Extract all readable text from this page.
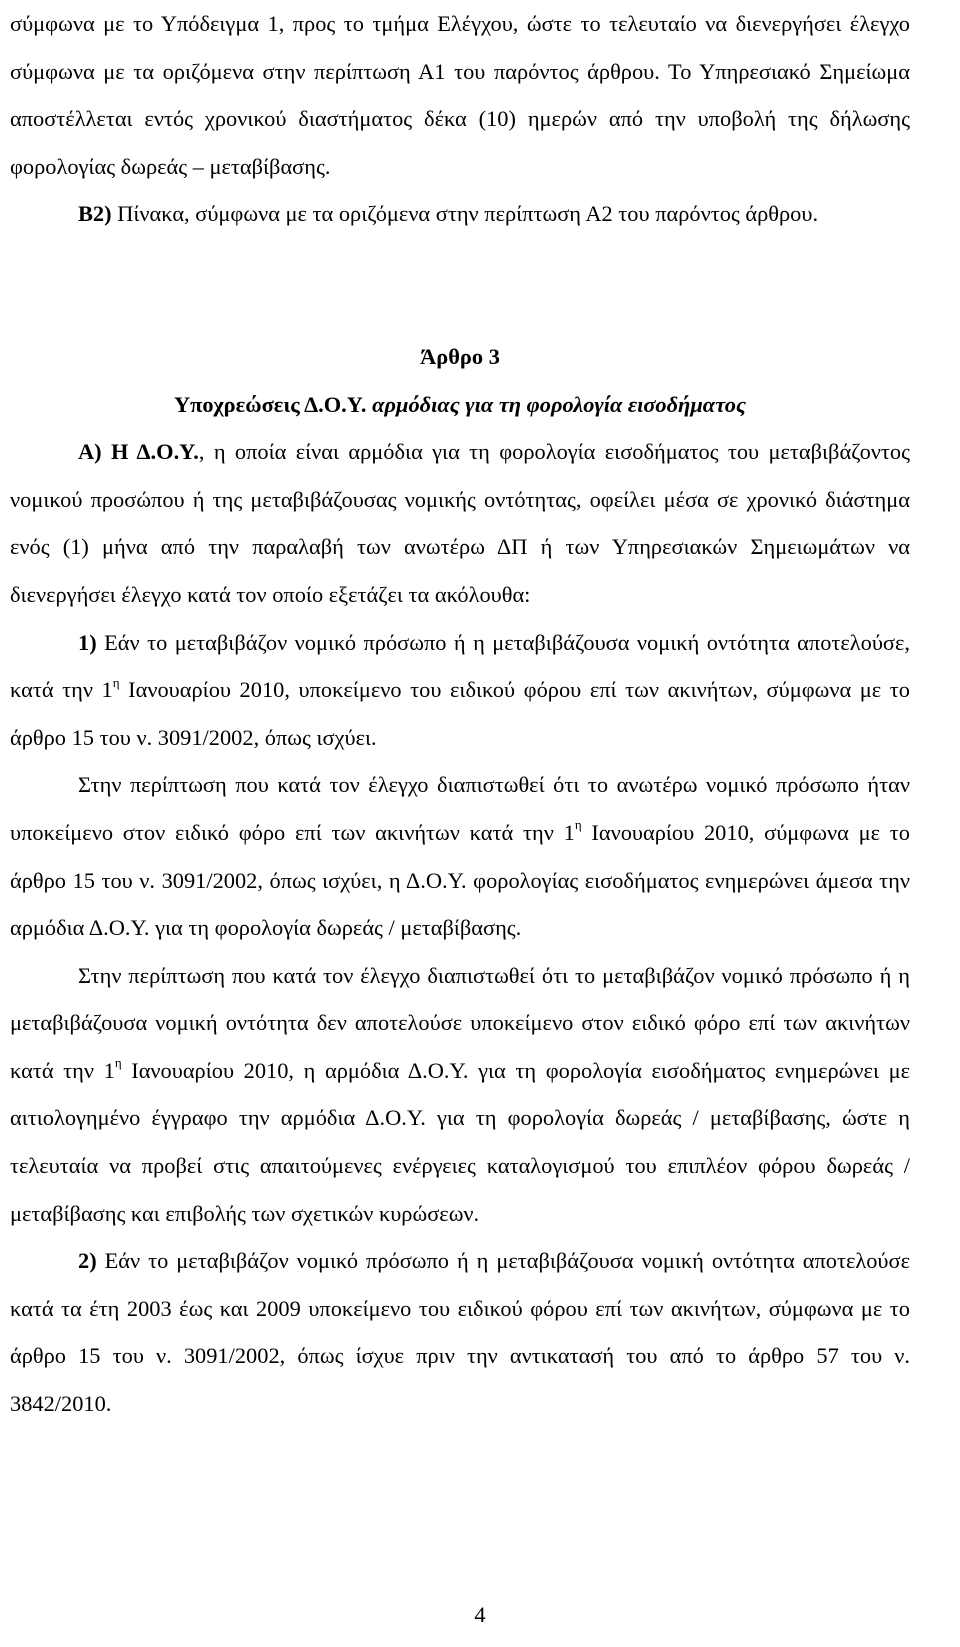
σύμφωνα με το Υπόδειγμα 1, προς το τμήμα Ελέγχου, ώστε το τελευταίο να διενεργήσει έλεγχο σύμφωνα με τα οριζόμενα στην περίπτωση Α1 του παρόντος άρθρου. Το Υπηρεσιακό Σημείωμα αποστέλλεται εντός χρονικού διαστήματος δέκα (10) ημερών από την υποβολή της δήλωσης φορολογίας δωρεάς – μεταβίβασης.

Β2) Πίνακα, σύμφωνα με τα οριζόμενα στην περίπτωση Α2 του παρόντος άρθρου.

Άρθρο 3

Υποχρεώσεις Δ.Ο.Υ. αρμόδιας για τη φορολογία εισοδήματος

Α) Η Δ.Ο.Υ., η οποία είναι αρμόδια για τη φορολογία εισοδήματος του μεταβιβάζοντος νομικού προσώπου ή της μεταβιβάζουσας νομικής οντότητας, οφείλει μέσα σε χρονικό διάστημα ενός (1) μήνα από την παραλαβή των ανωτέρω ΔΠ ή των Υπηρεσιακών Σημειωμάτων να διενεργήσει έλεγχο κατά τον οποίο εξετάζει τα ακόλουθα:

1) Εάν το μεταβιβάζον νομικό πρόσωπο ή η μεταβιβάζουσα νομική οντότητα αποτελούσε, κατά την $1^\eta$ Ιανουαρίου 2010, υποκείμενο του ειδικού φόρου επί των ακινήτων, σύμφωνα με το άρθρο 15 του ν. 3091/2002, όπως ισχύει.

Στην περίπτωση που κατά τον έλεγχο διαπιστωθεί ότι το ανωτέρω νομικό πρόσωπο ήταν υποκείμενο στον ειδικό φόρο επί των ακινήτων κατά την $1^\eta$ Ιανουαρίου 2010, σύμφωνα με το άρθρο 15 του ν. 3091/2002, όπως ισχύει, η Δ.Ο.Υ. φορολογίας εισοδήματος ενημερώνει άμεσα την αρμόδια Δ.Ο.Υ. για τη φορολογία δωρεάς / μεταβίβασης.

Στην περίπτωση που κατά τον έλεγχο διαπιστωθεί ότι το μεταβιβάζον νομικό πρόσωπο ή η μεταβιβάζουσα νομική οντότητα δεν αποτελούσε υποκείμενο στον ειδικό φόρο επί των ακινήτων κατά την $1^\eta$ Ιανουαρίου 2010, η αρμόδια Δ.Ο.Υ. για τη φορολογία εισοδήματος ενημερώνει με αιτιολογημένο έγγραφο την αρμόδια Δ.Ο.Υ. για τη φορολογία δωρεάς / μεταβίβασης, ώστε η τελευταία να προβεί στις απαιτούμενες ενέργειες καταλογισμού του επιπλέον φόρου δωρεάς / μεταβίβασης και επιβολής των σχετικών κυρώσεων.

2) Εάν το μεταβιβάζον νομικό πρόσωπο ή η μεταβιβάζουσα νομική οντότητα αποτελούσε κατά τα έτη 2003 έως και 2009 υποκείμενο του ειδικού φόρου επί των ακινήτων, σύμφωνα με το άρθρο 15 του ν. 3091/2002, όπως ίσχυε πριν την αντικατασή του από το άρθρο 57 του ν. 3842/2010.

4
